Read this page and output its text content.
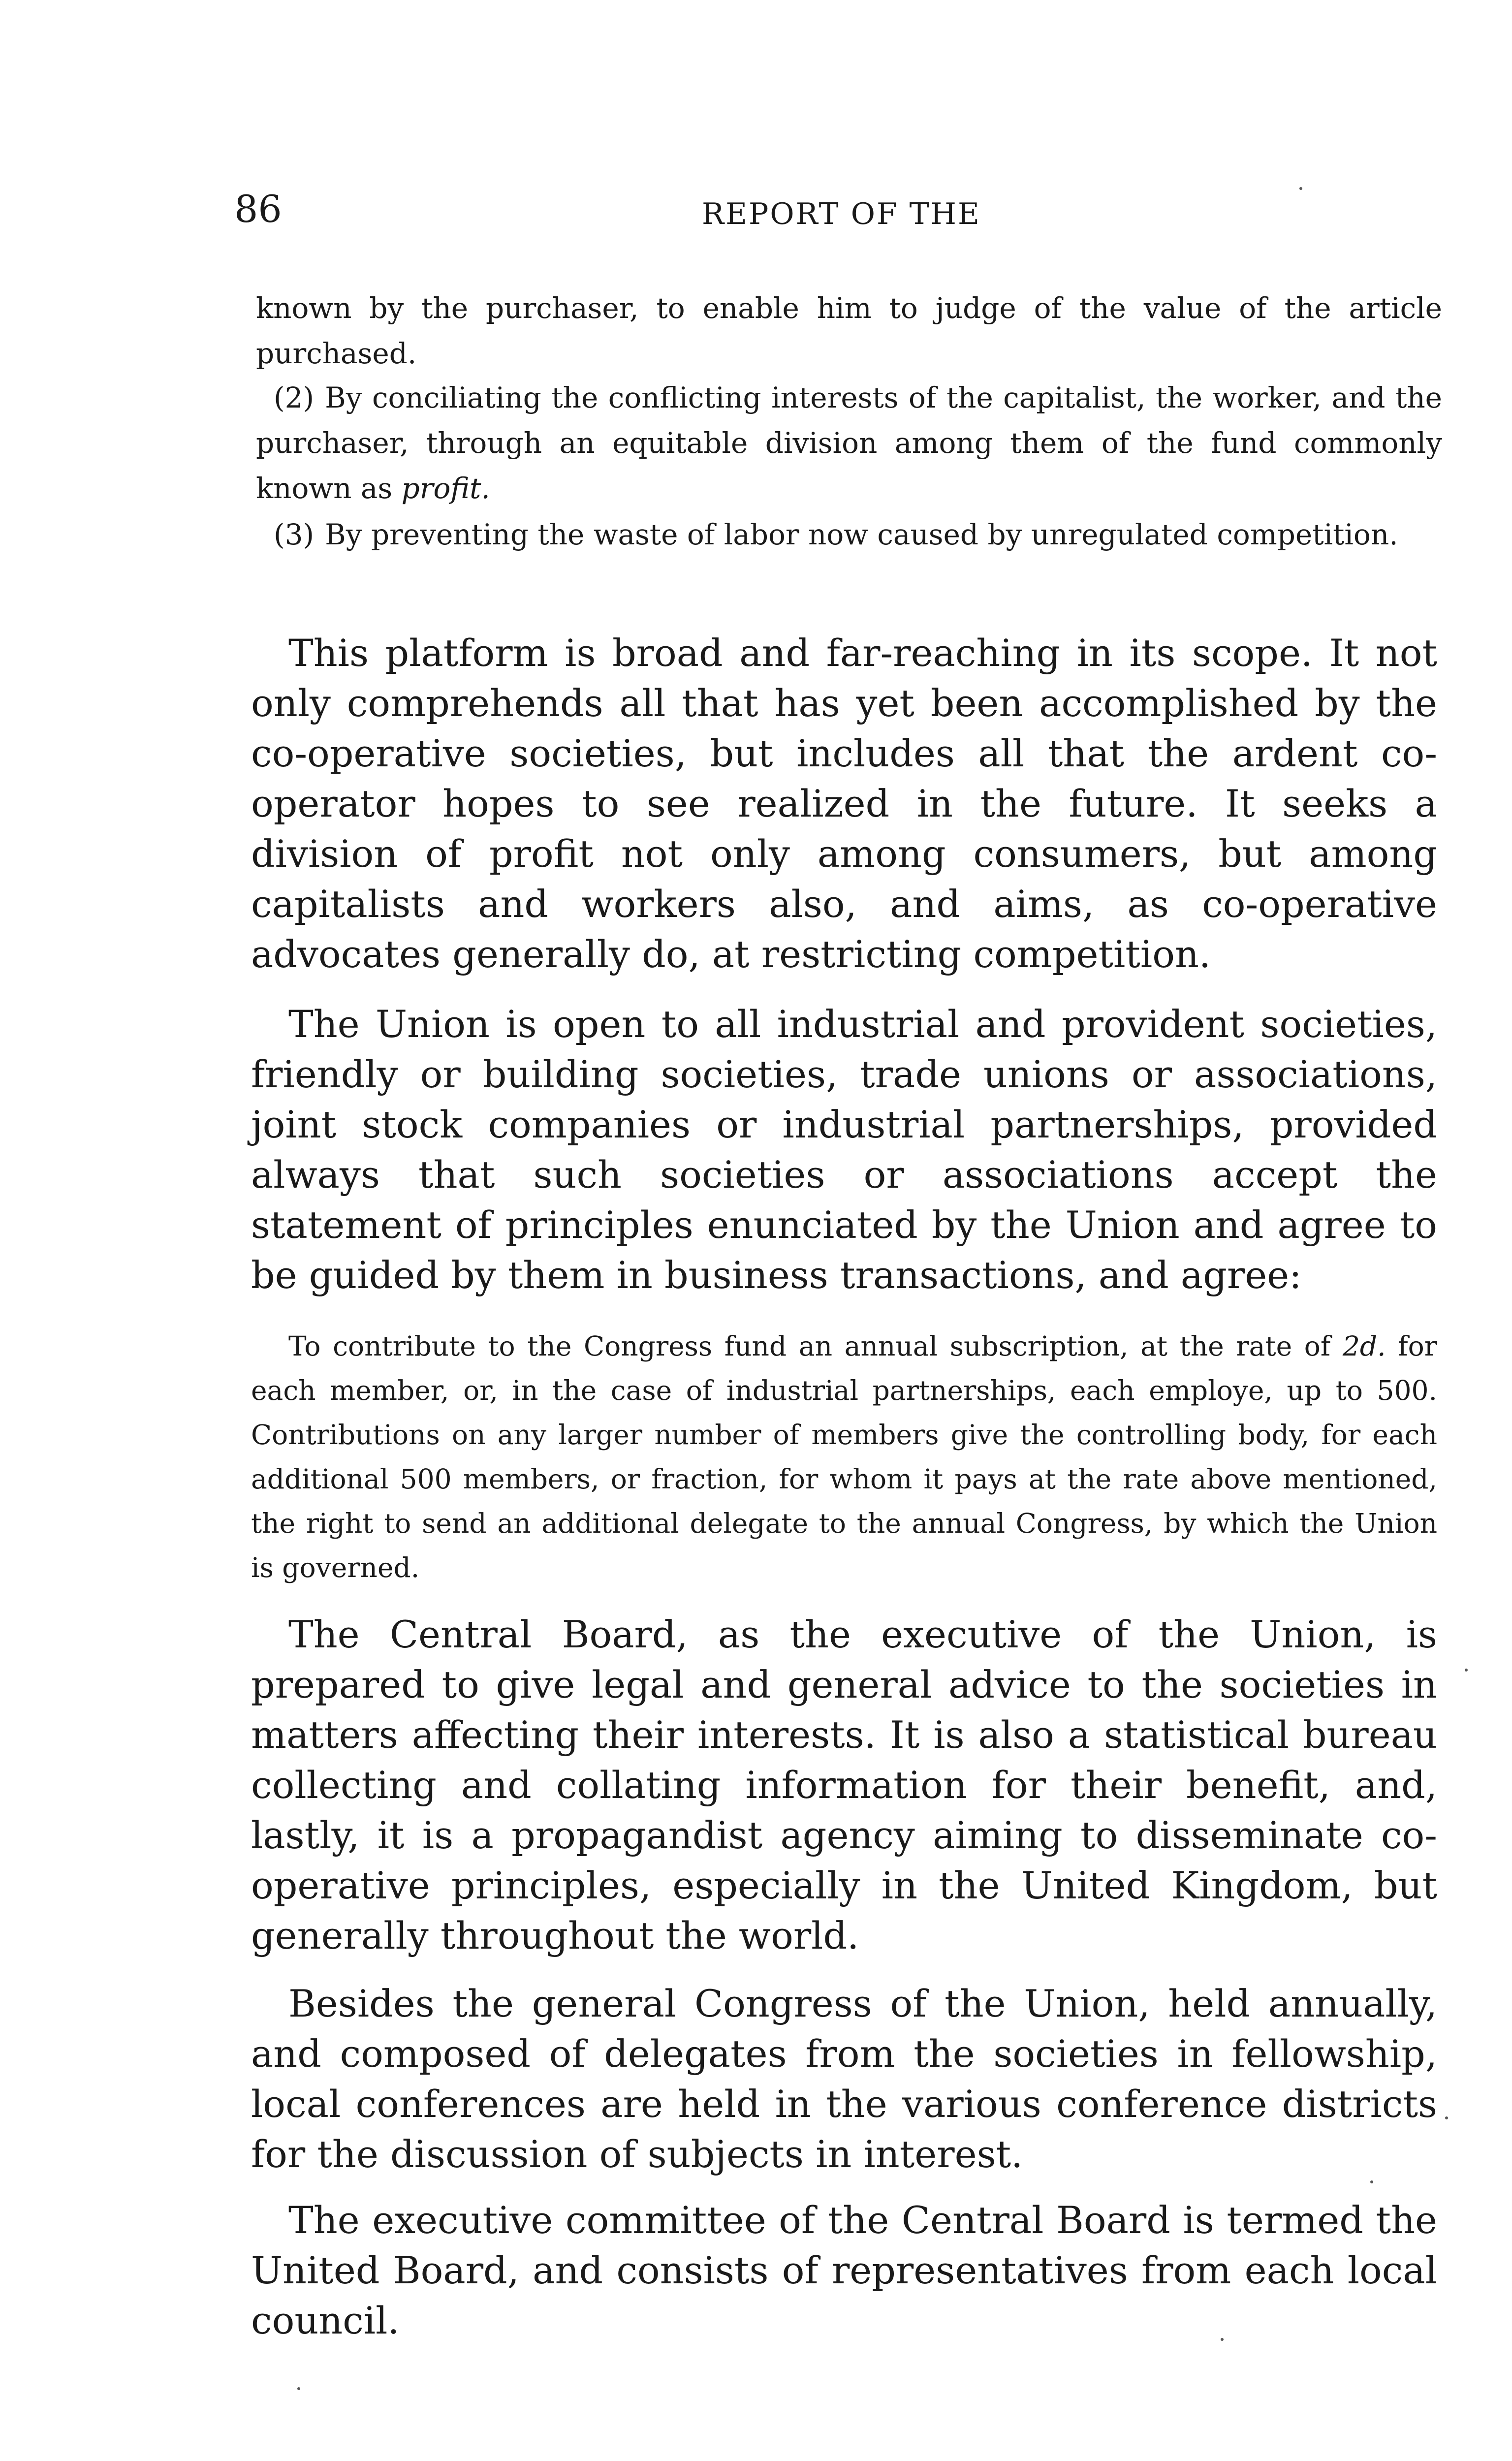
86	REPORT OF THE

known by the purchaser, to enable him to judge of the value of the article purchased.

(2) By conciliating the conflicting interests of the capitalist, the worker, and the purchaser, through an equitable division among them of the fund commonly known as profit.

(3) By preventing the waste of labor now caused by unregulated competition.

This platform is broad and far-reaching in its scope. It not only comprehends all that has yet been accomplished by the co-operative societies, but includes all that the ardent co-operator hopes to see realized in the future. It seeks a division of profit not only among consumers, but among capitalists and workers also, and aims, as co-operative advocates generally do, at restricting competition.

The Union is open to all industrial and provident societies, friendly or building societies, trade unions or associations, joint stock companies or industrial partnerships, provided always that such societies or associations accept the statement of principles enunciated by the Union and agree to be guided by them in business transactions, and agree:

To contribute to the Congress fund an annual subscription, at the rate of 2d. for each member, or, in the case of industrial partnerships, each employe, up to 500. Contributions on any larger number of members give the controlling body, for each additional 500 members, or fraction, for whom it pays at the rate above mentioned, the right to send an additional delegate to the annual Congress, by which the Union is governed.

The Central Board, as the executive of the Union, is prepared to give legal and general advice to the societies in matters affecting their interests. It is also a statistical bureau collecting and collating information for their benefit, and, lastly, it is a propagandist agency aiming to disseminate co-operative principles, especially in the United Kingdom, but generally throughout the world.

Besides the general Congress of the Union, held annually, and composed of delegates from the societies in fellowship, local conferences are held in the various conference districts for the discussion of subjects in interest.

The executive committee of the Central Board is termed the United Board, and consists of representatives from each local council.
